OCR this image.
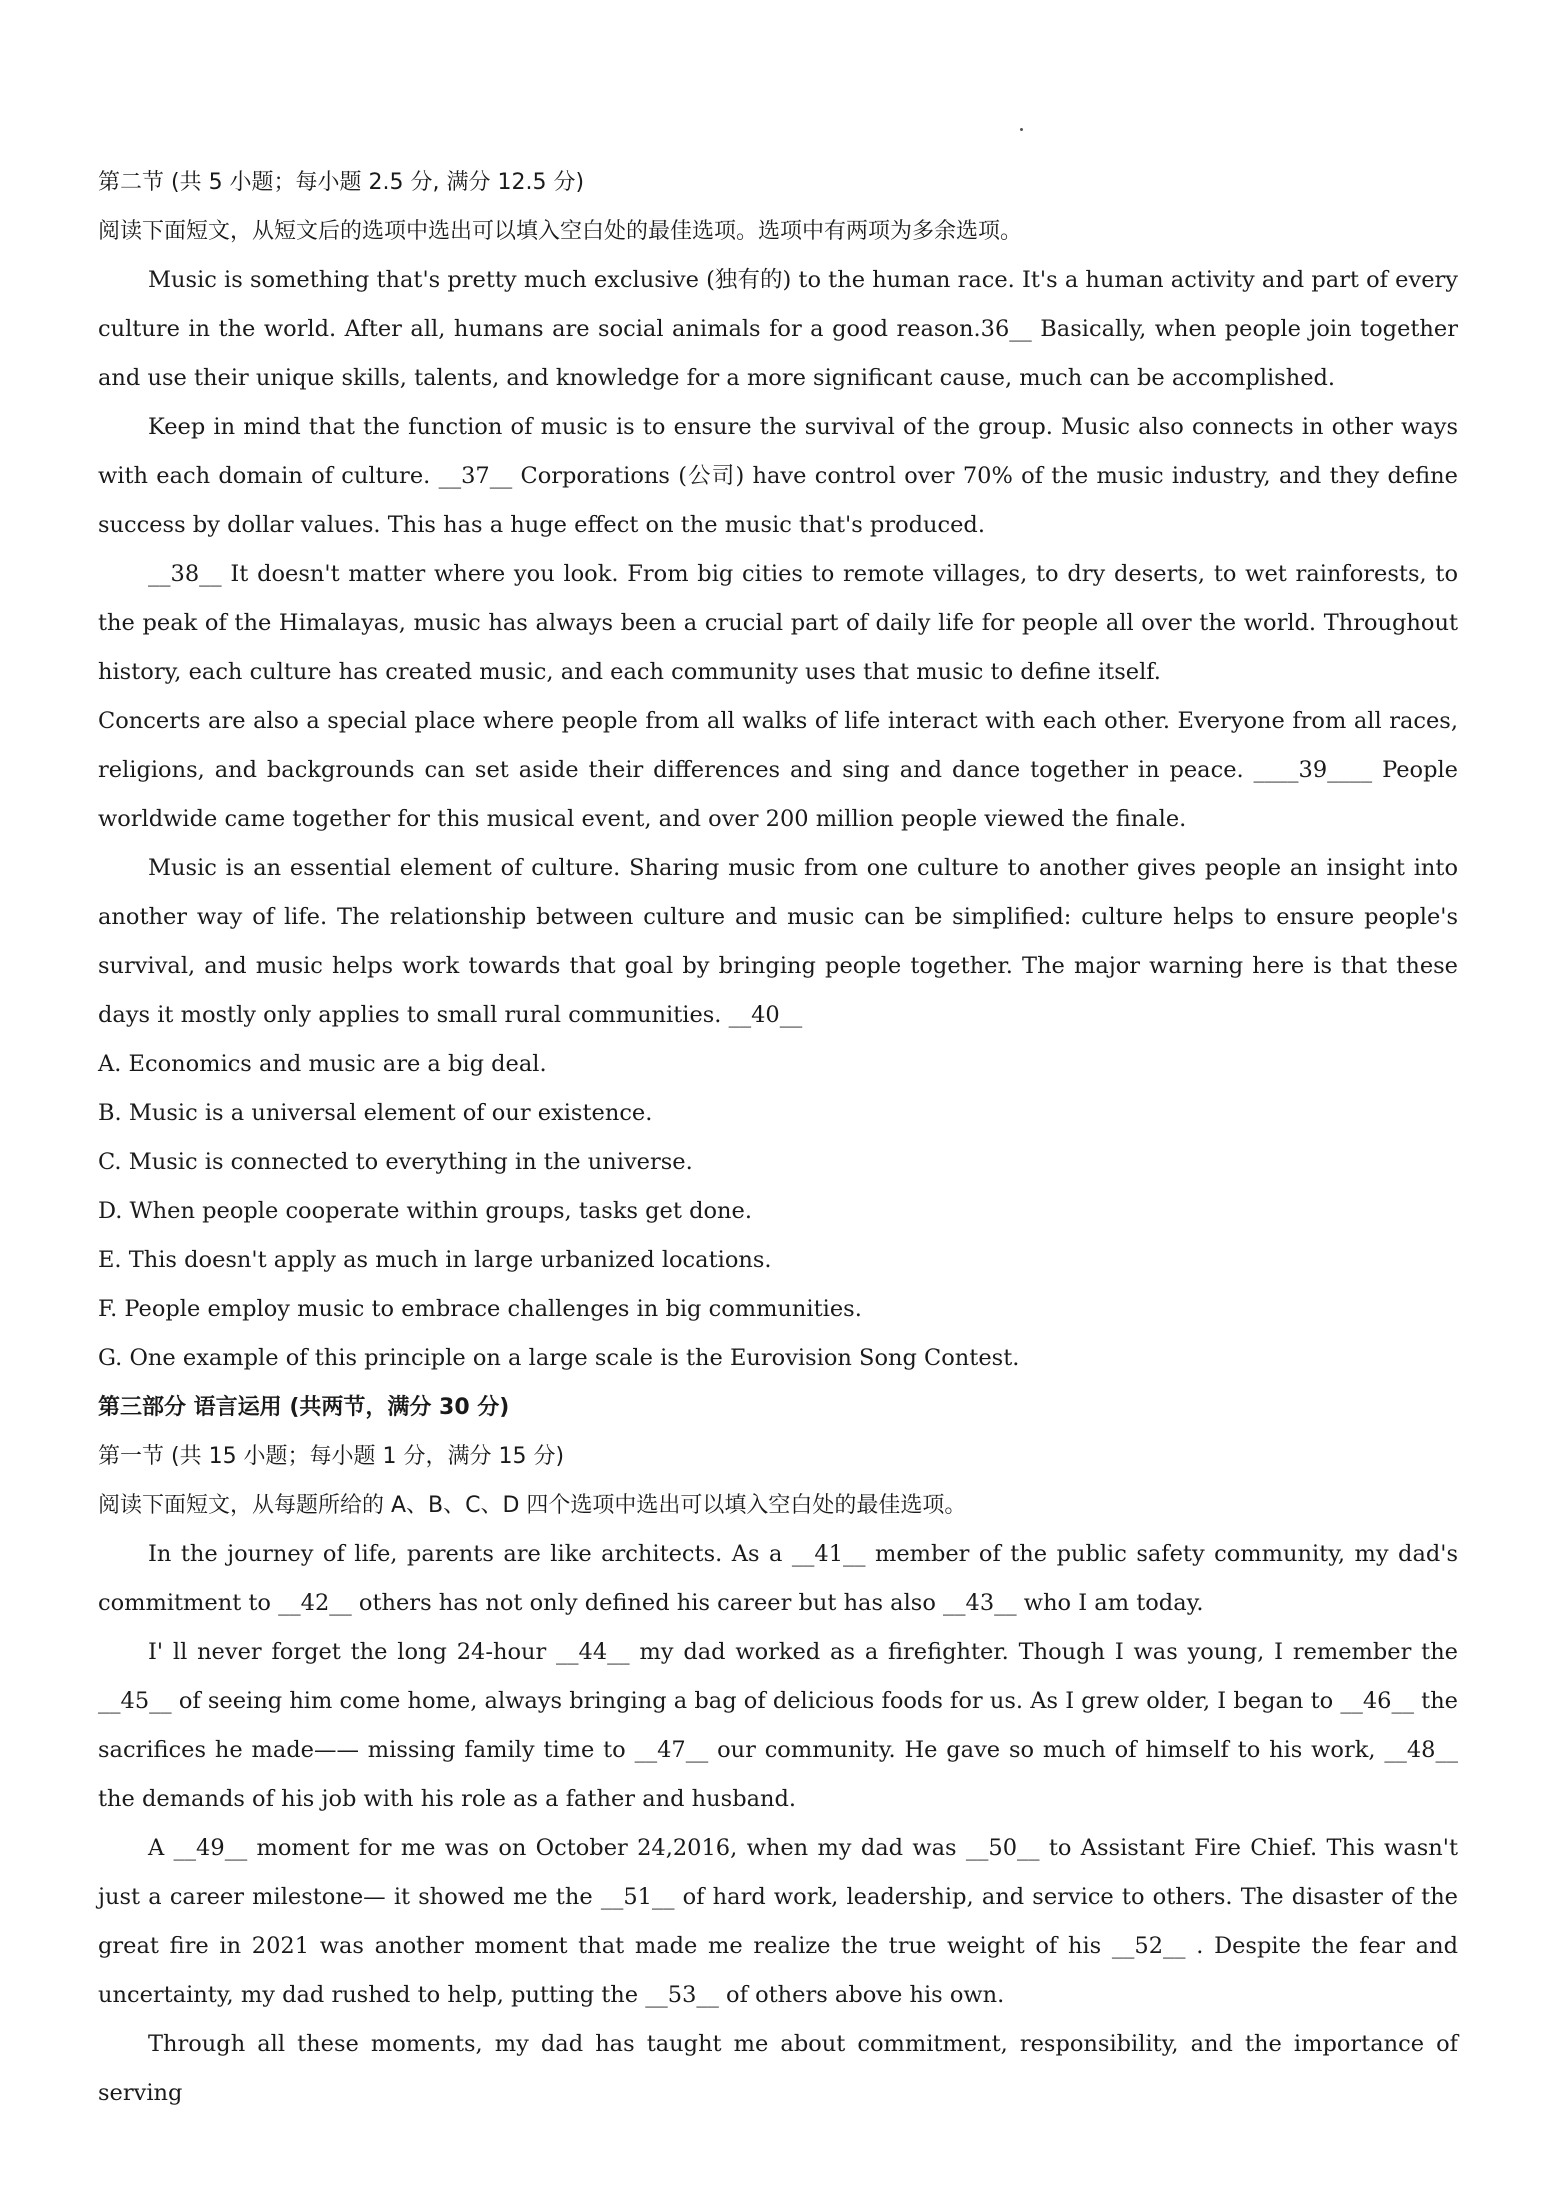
第二节 (共 5 小题；每小题 2.5 分, 满分 12.5 分)

阅读下面短文，从短文后的选项中选出可以填入空白处的最佳选项。选项中有两项为多余选项。

Music is something that's pretty much exclusive (独有的) to the human race. It's a human activity and part of every culture in the world. After all, humans are social animals for a good reason.36__ Basically, when people join together and use their unique skills, talents, and knowledge for a more significant cause, much can be accomplished.

Keep in mind that the function of music is to ensure the survival of the group. Music also connects in other ways with each domain of culture. __37__ Corporations (公司) have control over 70% of the music industry, and they define success by dollar values. This has a huge effect on the music that's produced.

__38__ It doesn't matter where you look. From big cities to remote villages, to dry deserts, to wet rainforests, to the peak of the Himalayas, music has always been a crucial part of daily life for people all over the world. Throughout history, each culture has created music, and each community uses that music to define itself.

Concerts are also a special place where people from all walks of life interact with each other. Everyone from all races, religions, and backgrounds can set aside their differences and sing and dance together in peace. ____39____ People worldwide came together for this musical event, and over 200 million people viewed the finale.

Music is an essential element of culture. Sharing music from one culture to another gives people an insight into another way of life. The relationship between culture and music can be simplified: culture helps to ensure people's survival, and music helps work towards that goal by bringing people together. The major warning here is that these days it mostly only applies to small rural communities. __40__

A. Economics and music are a big deal.

B. Music is a universal element of our existence.

C. Music is connected to everything in the universe.

D. When people cooperate within groups, tasks get done.

E. This doesn't apply as much in large urbanized locations.

F. People employ music to embrace challenges in big communities.

G. One example of this principle on a large scale is the Eurovision Song Contest.

第三部分 语言运用 (共两节，满分 30 分)

第一节 (共 15 小题；每小题 1 分，满分 15 分)

阅读下面短文，从每题所给的 A、B、C、D 四个选项中选出可以填入空白处的最佳选项。

In the journey of life, parents are like architects. As a __41__ member of the public safety community, my dad's commitment to __42__ others has not only defined his career but has also __43__ who I am today.

I' ll never forget the long 24-hour __44__ my dad worked as a firefighter. Though I was young, I remember the __45__ of seeing him come home, always bringing a bag of delicious foods for us. As I grew older, I began to __46__ the sacrifices he made—— missing family time to __47__ our community. He gave so much of himself to his work, __48__ the demands of his job with his role as a father and husband.

A __49__ moment for me was on October 24,2016, when my dad was __50__ to Assistant Fire Chief. This wasn't just a career milestone— it showed me the __51__ of hard work, leadership, and service to others. The disaster of the great fire in 2021 was another moment that made me realize the true weight of his __52__ . Despite the fear and uncertainty, my dad rushed to help, putting the __53__ of others above his own.

Through all these moments, my dad has taught me about commitment, responsibility, and the importance of serving
